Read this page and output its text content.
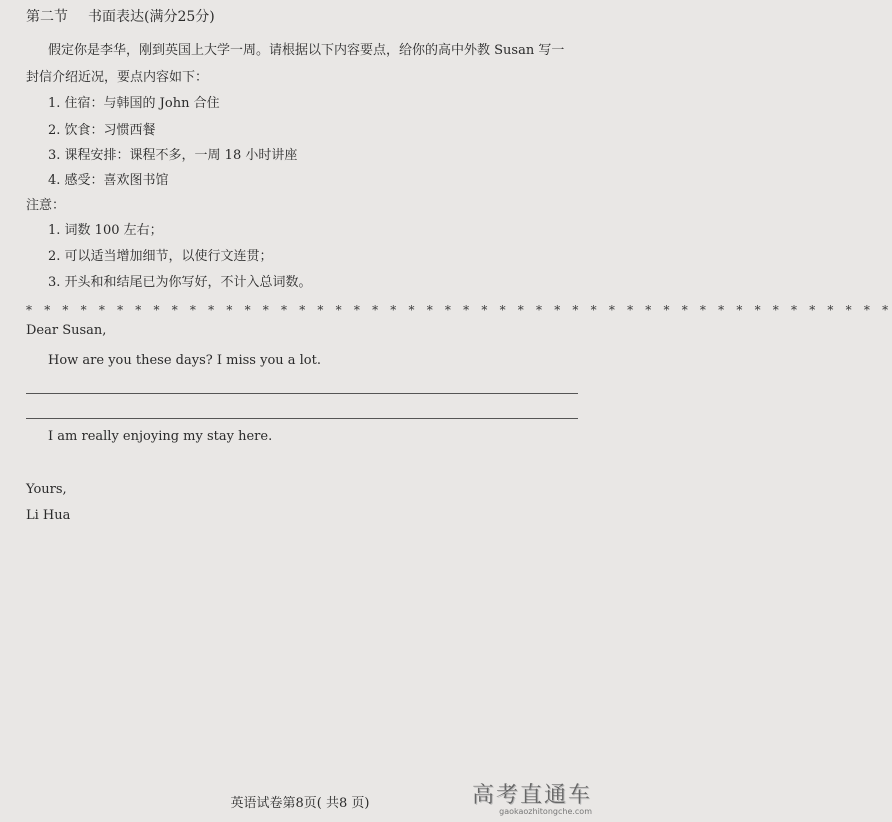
第二节 书面表达(满分25分)
假定你是李华，刚到英国上大学一周。请根据以下内容要点，给你的高中外教 Susan 写一
封信介绍近况，要点内容如下：
1. 住宿：与韩国的 John 合住
2. 饮食：习惯西餐
3. 课程安排：课程不多，一周 18 小时讲座
4. 感受：喜欢图书馆
注意：
1. 词数 100 左右；
2. 可以适当增加细节，以使行文连贯；
3. 开头和和结尾已为你写好，不计入总词数。
* * * * * * * * * * * * * * * * * * * * * * * * * * * * * * * * * * * * * * * * * * * * * * * *
Dear Susan,
How are you these days? I miss you a lot.
I am really enjoying my stay here.
Yours,
Li Hua
英语试卷第8页( 共8 页)	高考直通车
gaokaozhitongche.com
